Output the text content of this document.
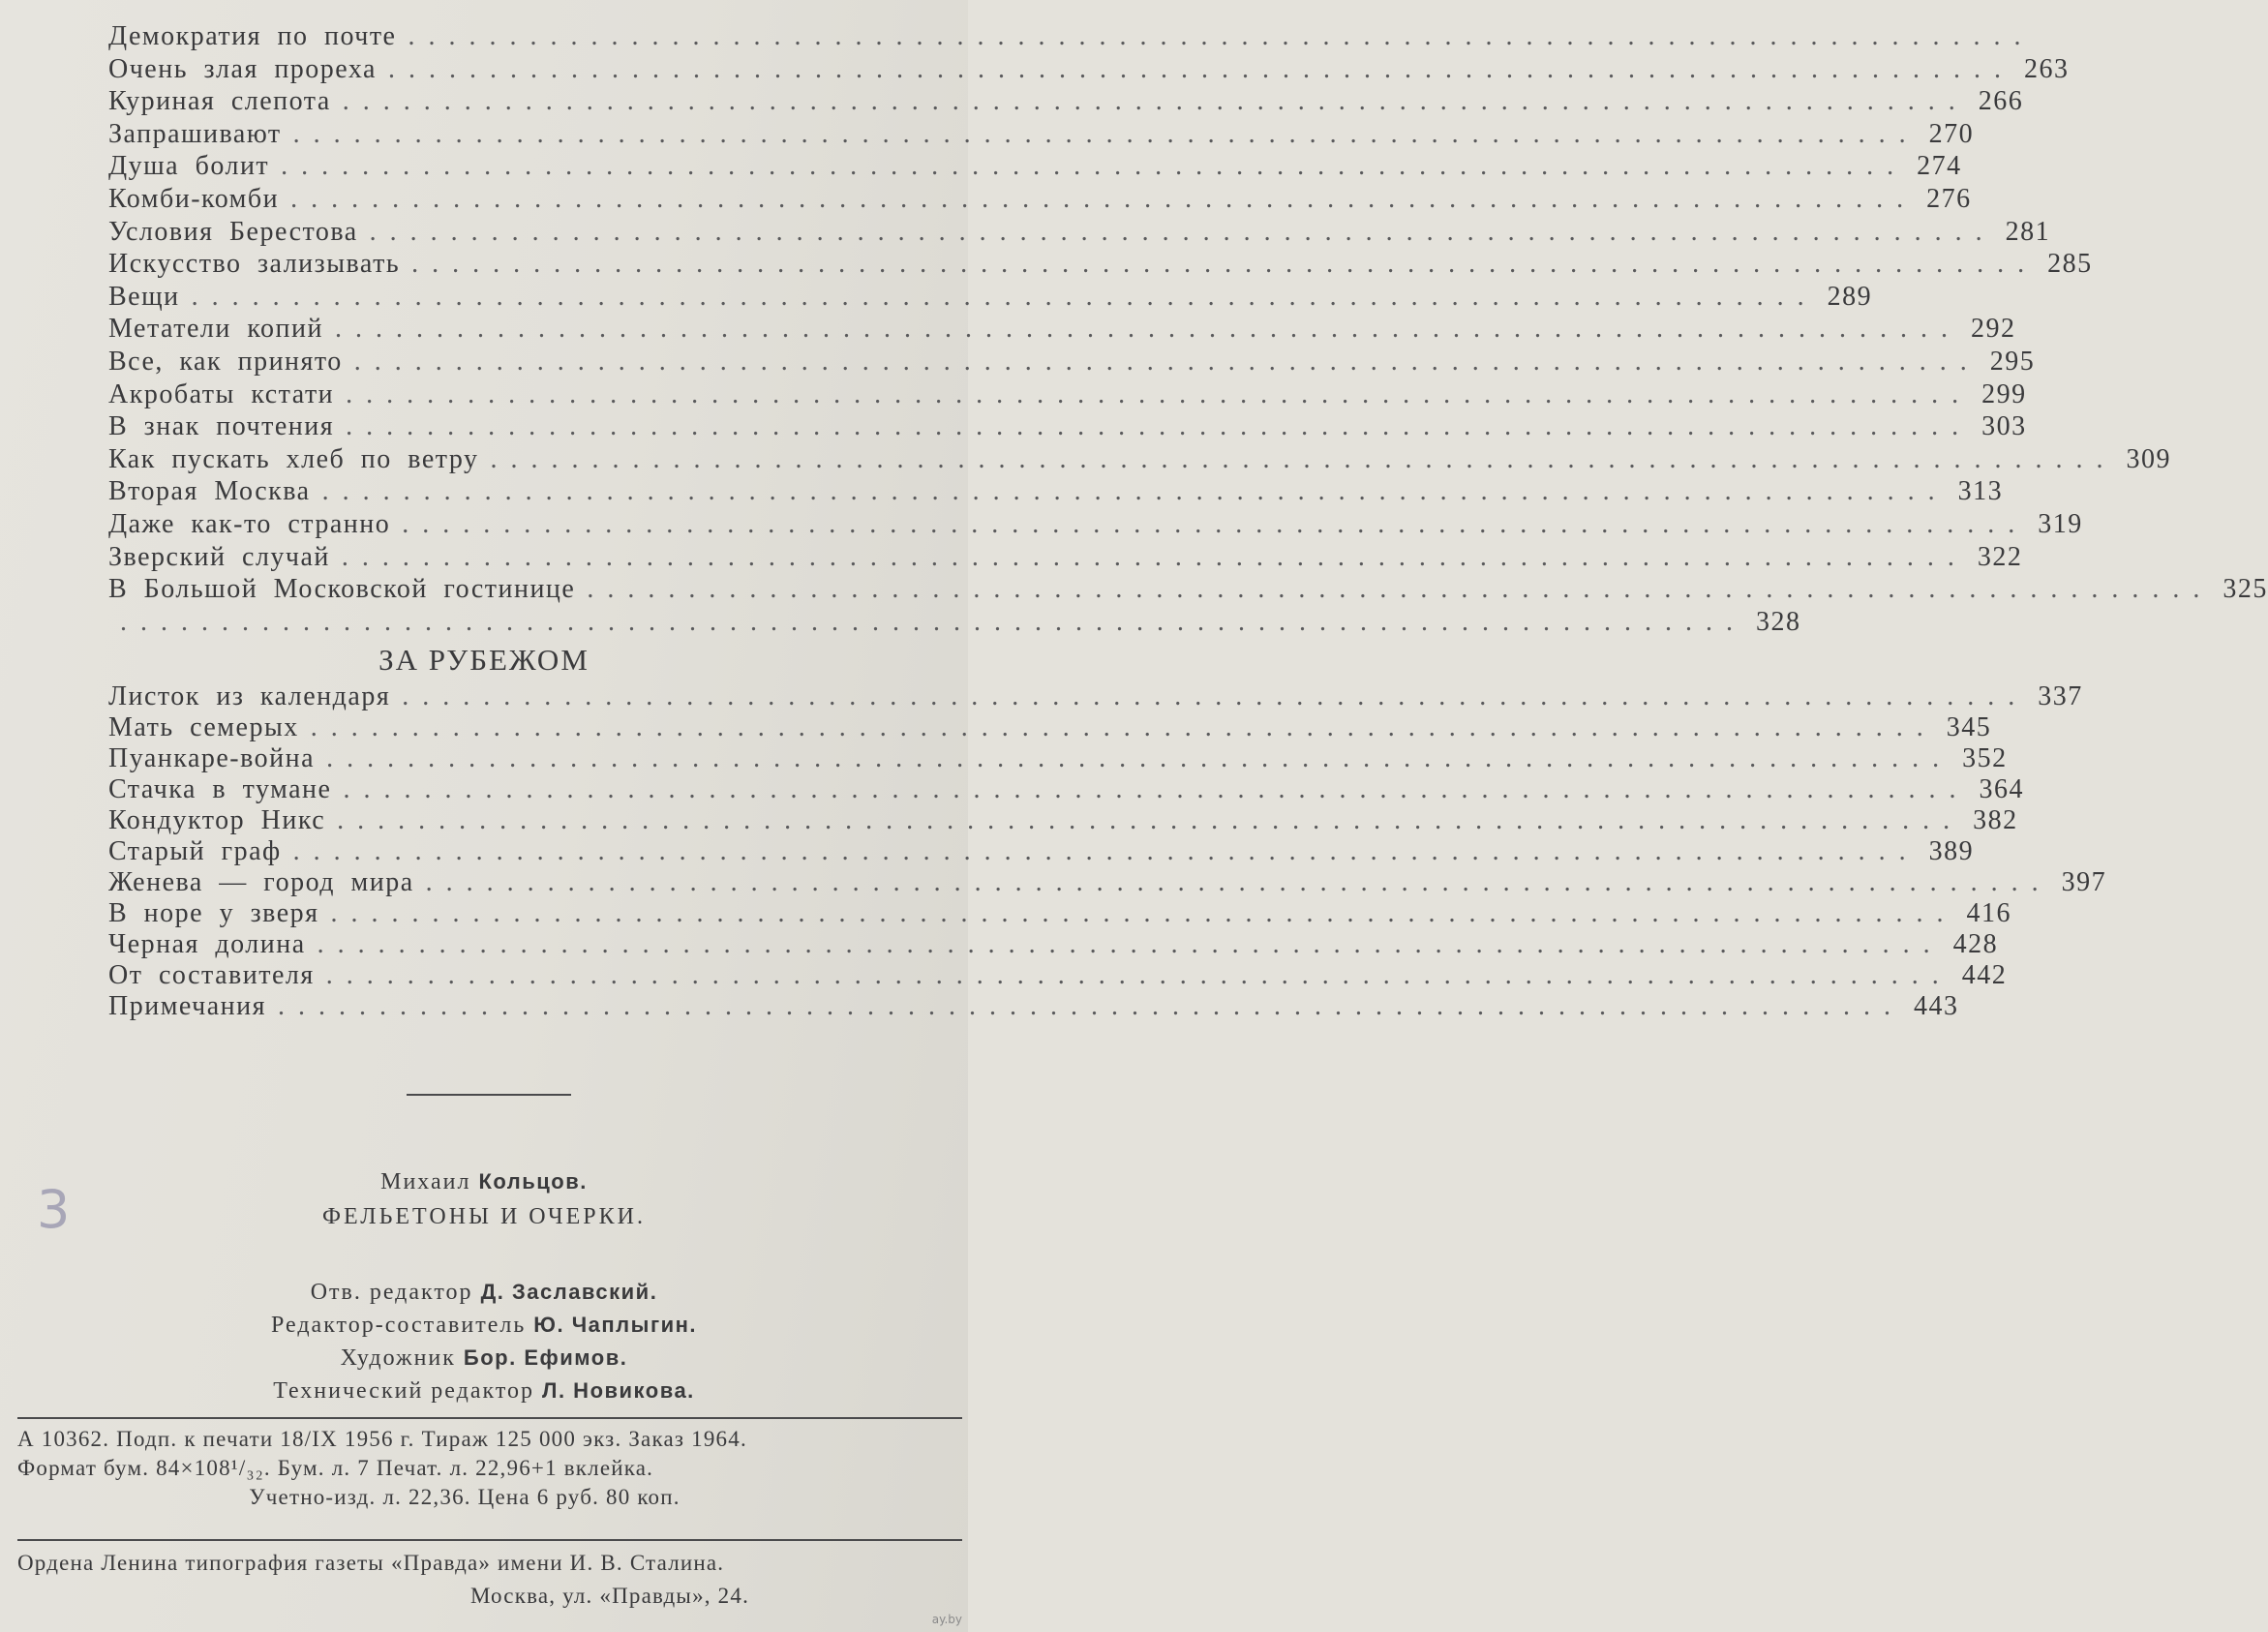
Демократия по почте ................................................................................
Очень злая прореха ................................................................................ 263
Куриная слепота ................................................................................ 266
Запрашивают ................................................................................ 270
Душа болит ................................................................................ 274
Комби-комби ................................................................................ 276
Условия Берестова ................................................................................ 281
Искусство зализывать ................................................................................ 285
Вещи ................................................................................ 289
Метатели копий ................................................................................ 292
Все, как принято ................................................................................ 295
Акробаты кстати ................................................................................ 299
В знак почтения ................................................................................ 303
Как пускать хлеб по ветру ................................................................................ 309
Вторая Москва ................................................................................ 313
Даже как-то странно ................................................................................ 319
Зверский случай ................................................................................ 322
В Большой Московской гостинице ................................................................................ 325
................................................................................ 328
ЗА РУБЕЖОМ
Листок из календаря ................................................................................ 337
Мать семерых ................................................................................ 345
Пуанкаре-война ................................................................................ 352
Стачка в тумане ................................................................................ 364
Кондуктор Никс ................................................................................ 382
Старый граф ................................................................................ 389
Женева — город мира ................................................................................ 397
В норе у зверя ................................................................................ 416
Черная долина ................................................................................ 428
От составителя ................................................................................ 442
Примечания ................................................................................ 443
3	Михаил Кольцов.
ФЕЛЬЕТОНЫ И ОЧЕРКИ.
Отв. редактор Д. Заславский.
Редактор-составитель Ю. Чаплыгин.
Художник Бор. Ефимов.
Технический редактор Л. Новикова.
А 10362. Подп. к печати 18/IX 1956 г. Тираж 125 000 экз. Заказ 1964.
Формат бум. 84×108¹/₃₂. Бум. л. 7 Печат. л. 22,96+1 вклейка.
Учетно-изд. л. 22,36. Цена 6 руб. 80 коп.
Ордена Ленина типография газеты «Правда» имени И. В. Сталина.
Москва, ул. «Правды», 24.
ay.by
